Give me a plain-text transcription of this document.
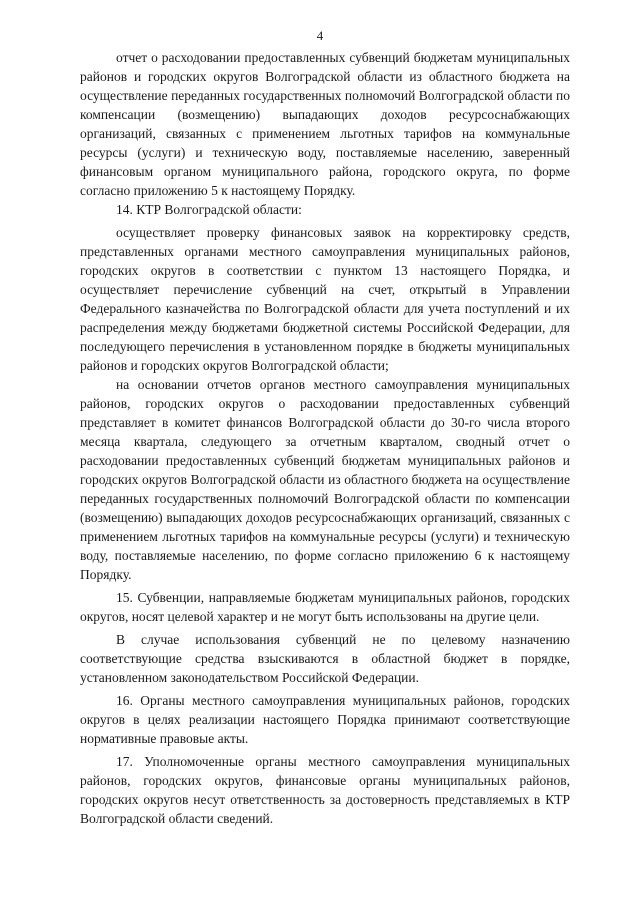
4

отчет о расходовании предоставленных субвенций бюджетам муниципальных районов и городских округов Волгоградской области из областного бюджета на осуществление переданных государственных полномочий Волгоградской области по компенсации (возмещению) выпадающих доходов ресурсоснабжающих организаций, связанных с применением льготных тарифов на коммунальные ресурсы (услуги) и техническую воду, поставляемые населению, заверенный финансовым органом муниципального района, городского округа, по форме согласно приложению 5 к настоящему Порядку.

14. КТР Волгоградской области:

осуществляет проверку финансовых заявок на корректировку средств, представленных органами местного самоуправления муниципальных районов, городских округов в соответствии с пунктом 13 настоящего Порядка, и осуществляет перечисление субвенций на счет, открытый в Управлении Федерального казначейства по Волгоградской области для учета поступлений и их распределения между бюджетами бюджетной системы Российской Федерации, для последующего перечисления в установленном порядке в бюджеты муниципальных районов и городских округов Волгоградской области;

на основании отчетов органов местного самоуправления муниципальных районов, городских округов о расходовании предоставленных субвенций представляет в комитет финансов Волгоградской области до 30-го числа второго месяца квартала, следующего за отчетным кварталом, сводный отчет о расходовании предоставленных субвенций бюджетам муниципальных районов и городских округов Волгоградской области из областного бюджета на осуществление переданных государственных полномочий Волгоградской области по компенсации (возмещению) выпадающих доходов ресурсоснабжающих организаций, связанных с применением льготных тарифов на коммунальные ресурсы (услуги) и техническую воду, поставляемые населению, по форме согласно приложению 6 к настоящему Порядку.

15. Субвенции, направляемые бюджетам муниципальных районов, городских округов, носят целевой характер и не могут быть использованы на другие цели.

В случае использования субвенций не по целевому назначению соответствующие средства взыскиваются в областной бюджет в порядке, установленном законодательством Российской Федерации.

16. Органы местного самоуправления муниципальных районов, городских округов в целях реализации настоящего Порядка принимают соответствующие нормативные правовые акты.

17. Уполномоченные органы местного самоуправления муниципальных районов, городских округов, финансовые органы муниципальных районов, городских округов несут ответственность за достоверность представляемых в КТР Волгоградской области сведений.
